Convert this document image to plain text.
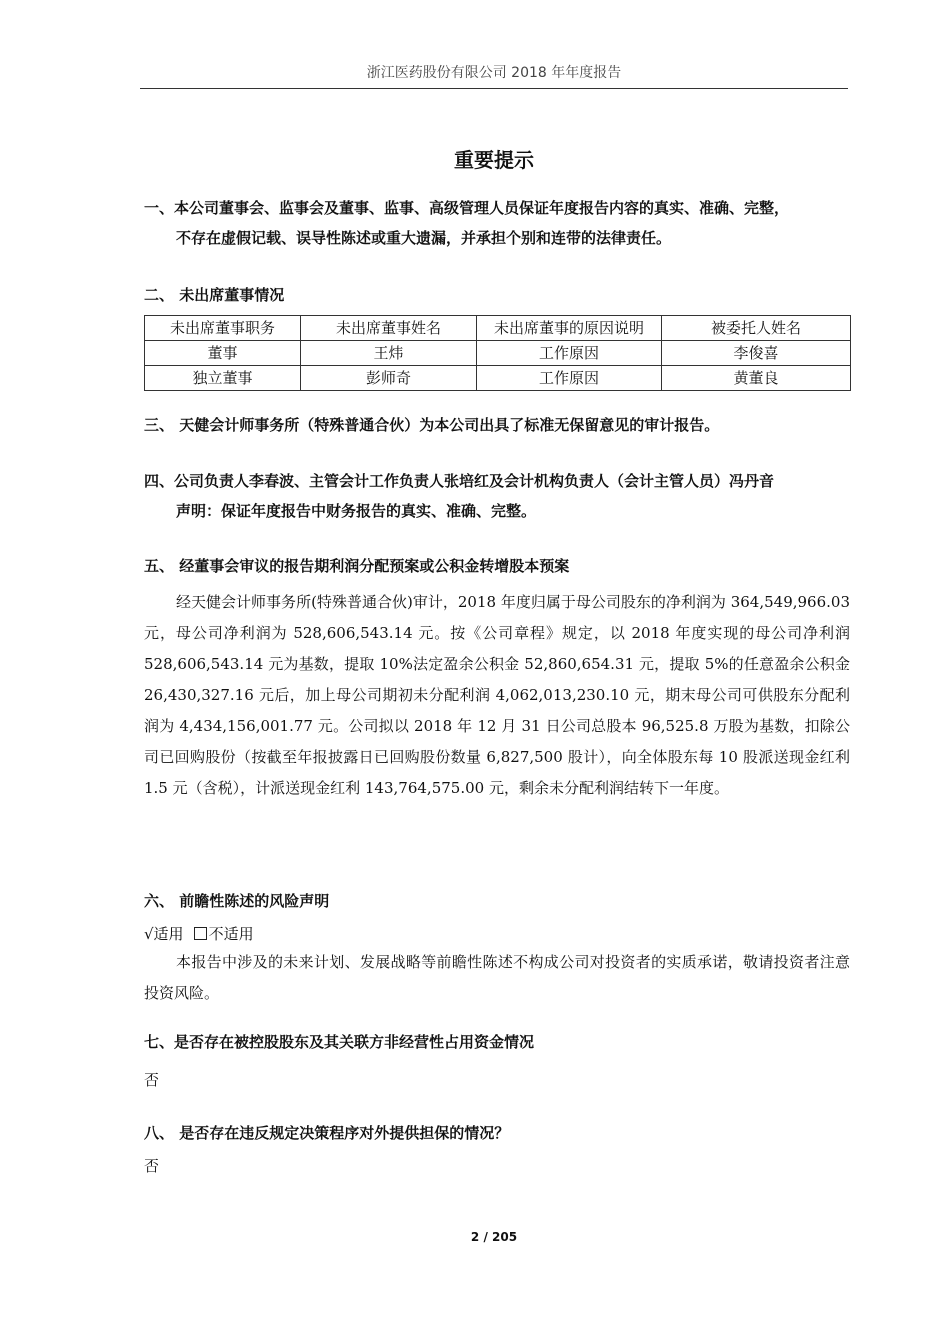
浙江医药股份有限公司 2018 年年度报告
重要提示
一、本公司董事会、监事会及董事、监事、高级管理人员保证年度报告内容的真实、准确、完整，
不存在虚假记载、误导性陈述或重大遗漏，并承担个别和连带的法律责任。
二、 未出席董事情况
未出席董事职务	未出席董事姓名	未出席董事的原因说明	被委托人姓名
董事	王炜	工作原因	李俊喜
独立董事	彭师奇	工作原因	黄董良
三、 天健会计师事务所（特殊普通合伙）为本公司出具了标准无保留意见的审计报告。
四、公司负责人李春波、主管会计工作负责人张培红及会计机构负责人（会计主管人员）冯丹音
声明：保证年度报告中财务报告的真实、准确、完整。
五、 经董事会审议的报告期利润分配预案或公积金转增股本预案
经天健会计师事务所(特殊普通合伙)审计，2018 年度归属于母公司股东的净利润为 364,549,966.03 元，母公司净利润为 528,606,543.14 元。按《公司章程》规定，以 2018 年度实现的母公司净利润 528,606,543.14 元为基数，提取 10%法定盈余公积金 52,860,654.31 元，提取 5%的任意盈余公积金 26,430,327.16 元后，加上母公司期初未分配利润 4,062,013,230.10 元，期末母公司可供股东分配利润为 4,434,156,001.77 元。公司拟以 2018 年 12 月 31 日公司总股本 96,525.8 万股为基数，扣除公司已回购股份（按截至年报披露日已回购股份数量 6,827,500 股计），向全体股东每 10 股派送现金红利 1.5 元（含税），计派送现金红利 143,764,575.00 元，剩余未分配利润结转下一年度。
六、 前瞻性陈述的风险声明
√适用 不适用
本报告中涉及的未来计划、发展战略等前瞻性陈述不构成公司对投资者的实质承诺，敬请投资者注意投资风险。
七、是否存在被控股股东及其关联方非经营性占用资金情况
否
八、 是否存在违反规定决策程序对外提供担保的情况？
否
2 / 205
